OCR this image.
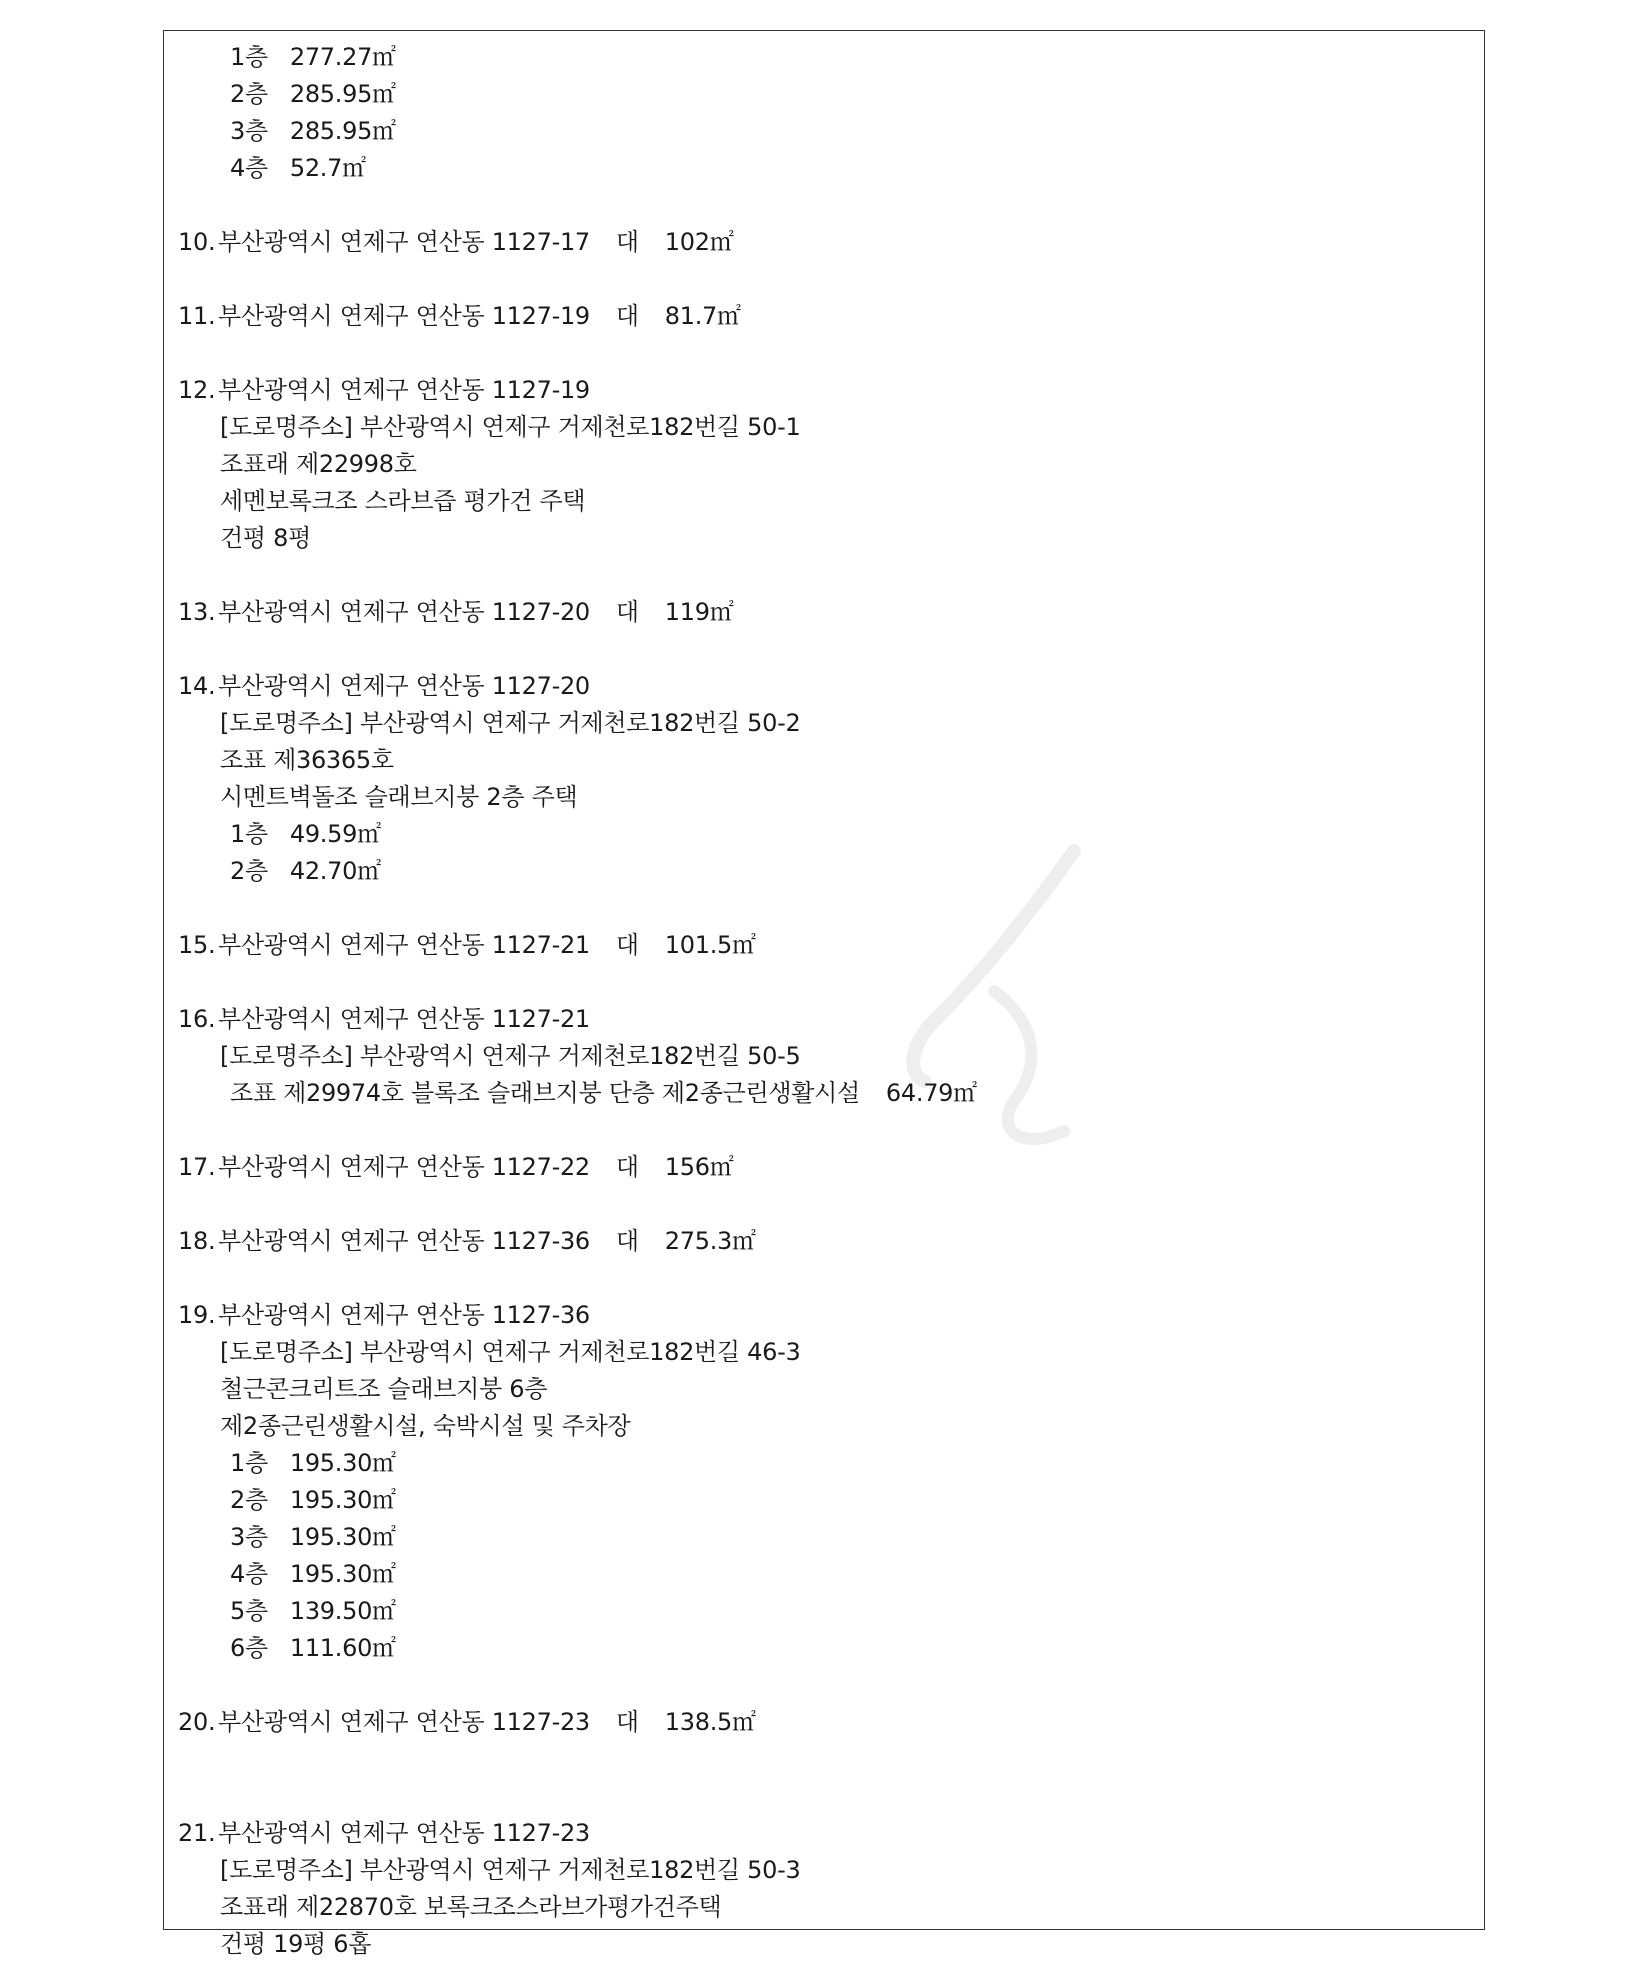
1층 277.27㎡
2층 285.95㎡
3층 285.95㎡
4층 52.7㎡
10. 부산광역시 연제구 연산동 1127-17 대 102㎡
11. 부산광역시 연제구 연산동 1127-19 대 81.7㎡
12. 부산광역시 연제구 연산동 1127-19
[도로명주소] 부산광역시 연제구 거제천로182번길 50-1
조표래 제22998호
세멘보록크조 스라브즙 평가건 주택
건평 8평
13. 부산광역시 연제구 연산동 1127-20 대 119㎡
14. 부산광역시 연제구 연산동 1127-20
[도로명주소] 부산광역시 연제구 거제천로182번길 50-2
조표 제36365호
시멘트벽돌조 슬래브지붕 2층 주택
1층 49.59㎡
2층 42.70㎡
15. 부산광역시 연제구 연산동 1127-21 대 101.5㎡
16. 부산광역시 연제구 연산동 1127-21
[도로명주소] 부산광역시 연제구 거제천로182번길 50-5
조표 제29974호 블록조 슬래브지붕 단층 제2종근린생활시설 64.79㎡
17. 부산광역시 연제구 연산동 1127-22 대 156㎡
18. 부산광역시 연제구 연산동 1127-36 대 275.3㎡
19. 부산광역시 연제구 연산동 1127-36
[도로명주소] 부산광역시 연제구 거제천로182번길 46-3
철근콘크리트조 슬래브지붕 6층
제2종근린생활시설, 숙박시설 및 주차장
1층 195.30㎡
2층 195.30㎡
3층 195.30㎡
4층 195.30㎡
5층 139.50㎡
6층 111.60㎡
20. 부산광역시 연제구 연산동 1127-23 대 138.5㎡
21. 부산광역시 연제구 연산동 1127-23
[도로명주소] 부산광역시 연제구 거제천로182번길 50-3
조표래 제22870호 보록크조스라브가평가건주택
건평 19평 6홉
